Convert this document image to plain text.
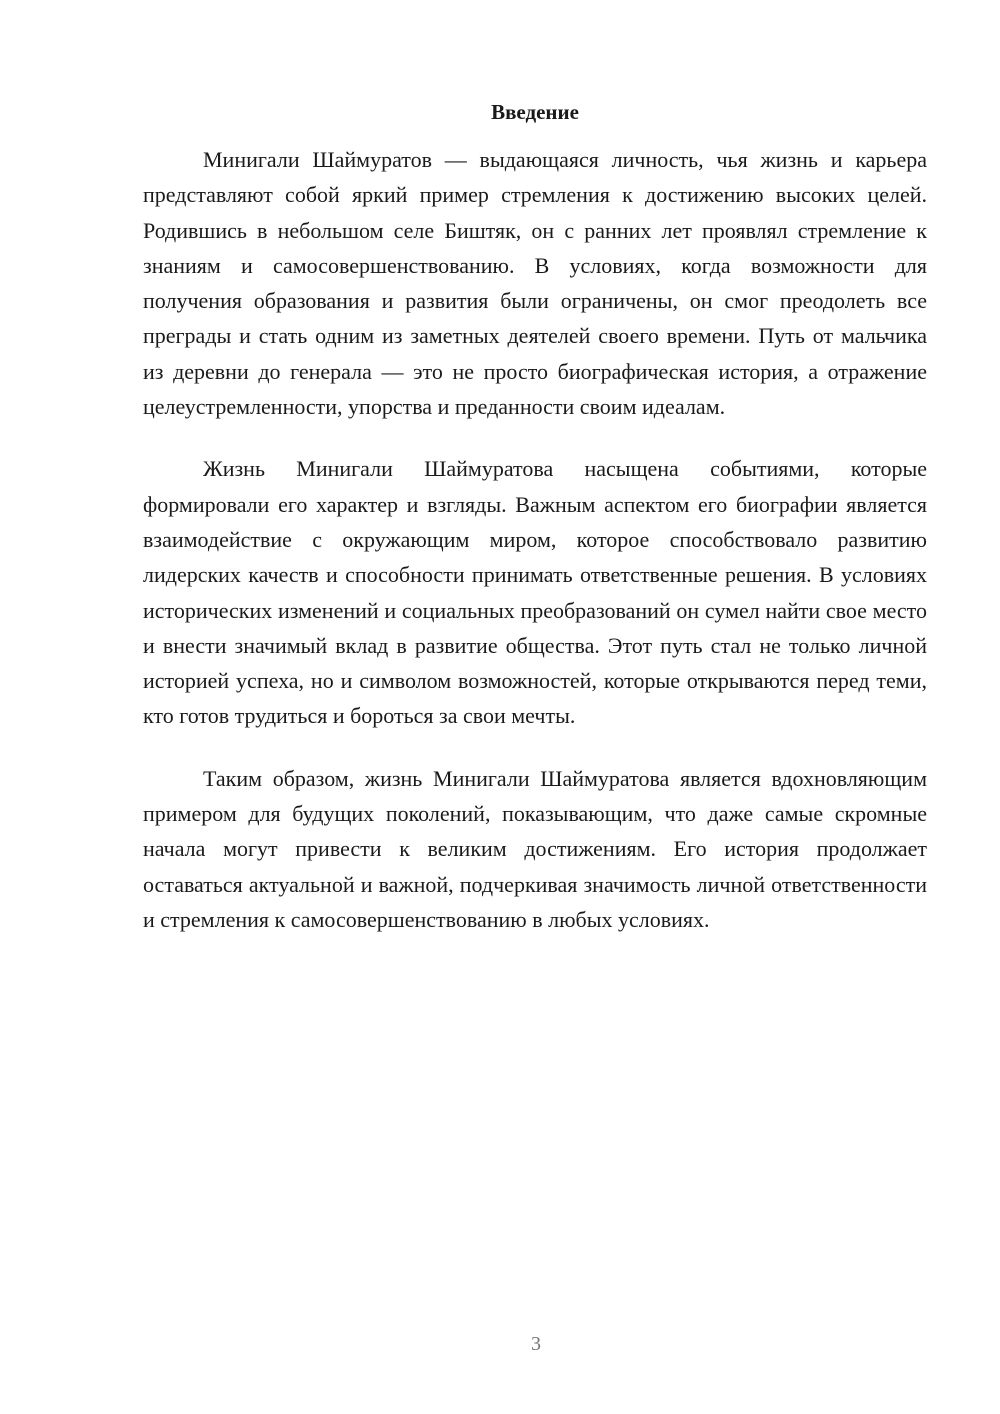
Введение

Минигали Шаймуратов — выдающаяся личность, чья жизнь и карьера представляют собой яркий пример стремления к достижению высоких целей. Родившись в небольшом селе Биштяк, он с ранних лет проявлял стремление к знаниям и самосовершенствованию. В условиях, когда возможности для получения образования и развития были ограничены, он смог преодолеть все преграды и стать одним из заметных деятелей своего времени. Путь от мальчика из деревни до генерала — это не просто биографическая история, а отражение целеустремленности, упорства и преданности своим идеалам.

Жизнь Минигали Шаймуратова насыщена событиями, которые формировали его характер и взгляды. Важным аспектом его биографии является взаимодействие с окружающим миром, которое способствовало развитию лидерских качеств и способности принимать ответственные решения. В условиях исторических изменений и социальных преобразований он сумел найти свое место и внести значимый вклад в развитие общества. Этот путь стал не только личной историей успеха, но и символом возможностей, которые открываются перед теми, кто готов трудиться и бороться за свои мечты.

Таким образом, жизнь Минигали Шаймуратова является вдохновляющим примером для будущих поколений, показывающим, что даже самые скромные начала могут привести к великим достижениям. Его история продолжает оставаться актуальной и важной, подчеркивая значимость личной ответственности и стремления к самосовершенствованию в любых условиях.

3
